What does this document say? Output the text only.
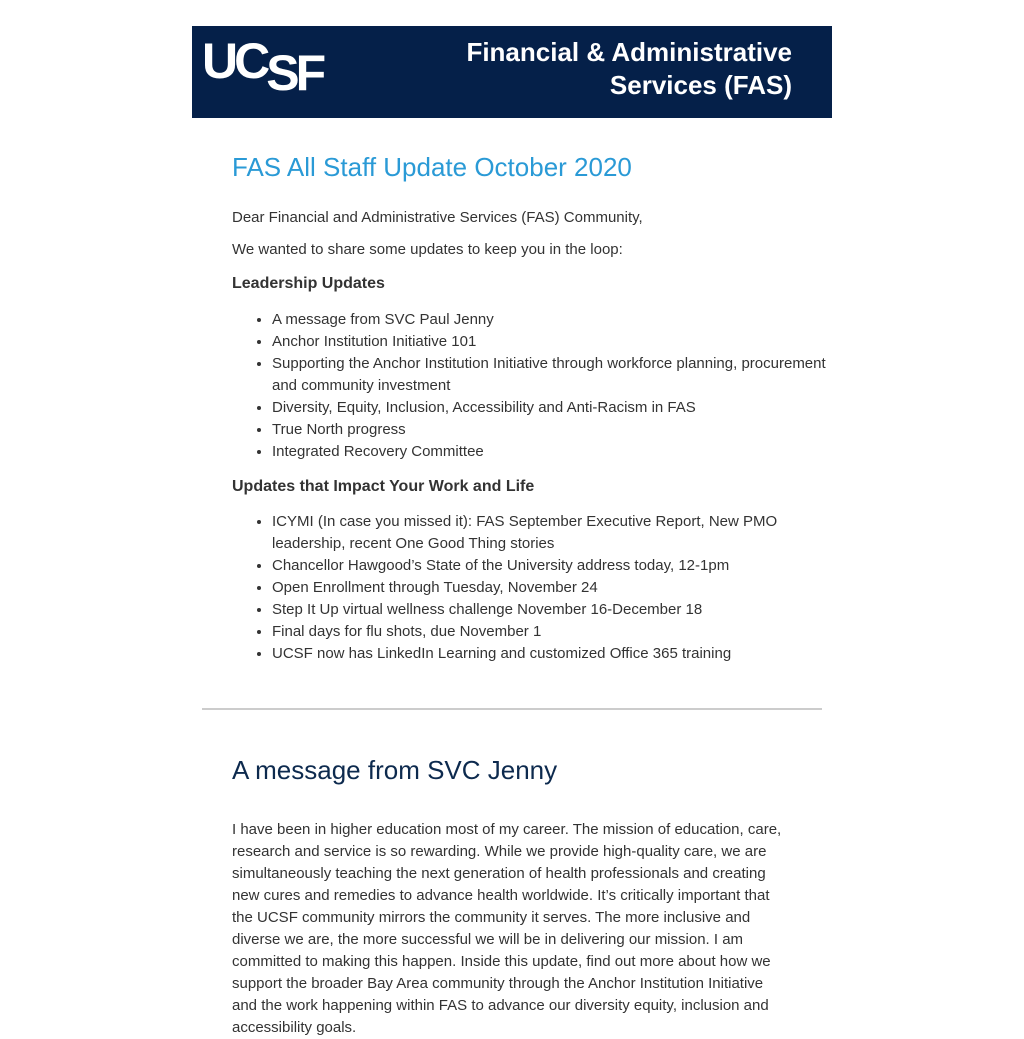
UCSF	Financial & Administrative
Services (FAS)
FAS All Staff Update October 2020

Dear Financial and Administrative Services (FAS) Community,

We wanted to share some updates to keep you in the loop:

Leadership Updates
• A message from SVC Paul Jenny
• Anchor Institution Initiative 101
• Supporting the Anchor Institution Initiative through workforce planning, procurement and community investment
• Diversity, Equity, Inclusion, Accessibility and Anti-Racism in FAS
• True North progress
• Integrated Recovery Committee
Updates that Impact Your Work and Life
• ICYMI (In case you missed it): FAS September Executive Report, New PMO leadership, recent One Good Thing stories
• Chancellor Hawgood’s State of the University address today, 12-1pm
• Open Enrollment through Tuesday, November 24
• Step It Up virtual wellness challenge November 16-December 18
• Final days for flu shots, due November 1
• UCSF now has LinkedIn Learning and customized Office 365 training
A message from SVC Jenny

I have been in higher education most of my career. The mission of education, care, research and service is so rewarding. While we provide high-quality care, we are simultaneously teaching the next generation of health professionals and creating new cures and remedies to advance health worldwide. It’s critically important that the UCSF community mirrors the community it serves. The more inclusive and diverse we are, the more successful we will be in delivering our mission. I am committed to making this happen. Inside this update, find out more about how we support the broader Bay Area community through the Anchor Institution Initiative and the work happening within FAS to advance our diversity equity, inclusion and accessibility goals.
